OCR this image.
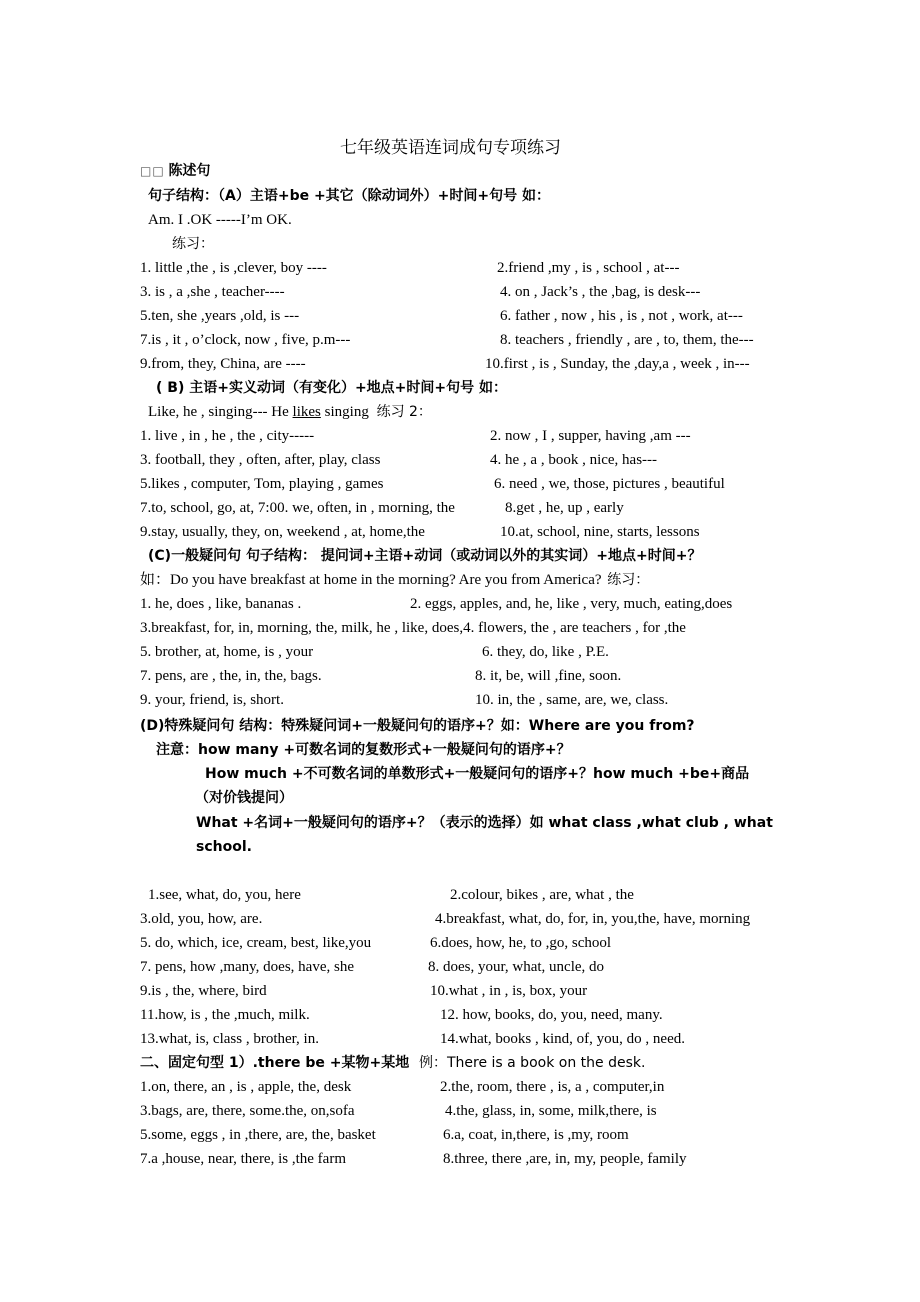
七年级英语连词成句专项练习
□□ 陈述句
句子结构：（A）主语+be +其它（除动词外）+时间+句号 如：
Am. I .OK -----I’m OK.
练习：
1. little ,the , is ,clever, boy ----	2.friend ,my , is , school , at---
3. is , a ,she , teacher----	4. on , Jack’s , the ,bag, is desk---
5.ten, she ,years ,old, is ---	6. father , now , his , is , not , work, at---
7.is , it , o’clock, now , five, p.m---	8. teachers , friendly , are , to, them, the---
9.from, they, China, are ----	10.first , is , Sunday, the ,day,a , week , in---
( B) 主语+实义动词（有变化）+地点+时间+句号 如：
Like, he , singing--- He likes singing 练习 2：
1. live , in , he , the , city-----	2. now , I , supper, having ,am ---
3. football, they , often, after, play, class	4. he , a , book , nice, has---
5.likes , computer, Tom, playing , games	6. need , we, those, pictures , beautiful
7.to, school, go, at, 7:00. we, often, in , morning, the	8.get , he, up , early
9.stay, usually, they, on, weekend , at, home,the	10.at, school, nine, starts, lessons
(C)一般疑问句 句子结构： 提问词+主语+动词（或动词以外的其实词）+地点+时间+？
如：Do you have breakfast at home in the morning? Are you from America? 练习：
1. he, does , like, bananas .	2. eggs, apples, and, he, like , very, much, eating,does
3.breakfast, for, in, morning, the, milk, he , like, does,4. flowers, the , are teachers , for ,the
5. brother, at, home, is , your	6. they, do, like , P.E.
7. pens, are , the, in, the, bags.	8. it, be, will ,fine, soon.
9. your, friend, is, short.	10. in, the , same, are, we, class.
(D)特殊疑问句 结构：特殊疑问词+一般疑问句的语序+？如：Where are you from?
注意：how many +可数名词的复数形式+一般疑问句的语序+？
How much +不可数名词的单数形式+一般疑问句的语序+？how much +be+商品
（对价钱提问）
What +名词+一般疑问句的语序+？（表示的选择）如 what class ,what club , what
school.
1.see, what, do, you, here	2.colour, bikes , are, what , the
3.old, you, how, are.	4.breakfast, what, do, for, in, you,the, have, morning
5. do, which, ice, cream, best, like,you	6.does, how, he, to ,go, school
7. pens, how ,many, does, have, she	8. does, your, what, uncle, do
9.is , the, where, bird	10.what , in , is, box, your
11.how, is , the ,much, milk.	12. how, books, do, you, need, many.
13.what, is, class , brother, in.	14.what, books , kind, of, you, do , need.
二、固定句型 1）.there be +某物+某地 例：There is a book on the desk.
1.on, there, an , is , apple, the, desk	2.the, room, there , is, a , computer,in
3.bags, are, there, some.the, on,sofa	4.the, glass, in, some, milk,there, is
5.some, eggs , in ,there, are, the, basket	6.a, coat, in,there, is ,my, room
7.a ,house, near, there, is ,the farm	8.three, there ,are, in, my, people, family
